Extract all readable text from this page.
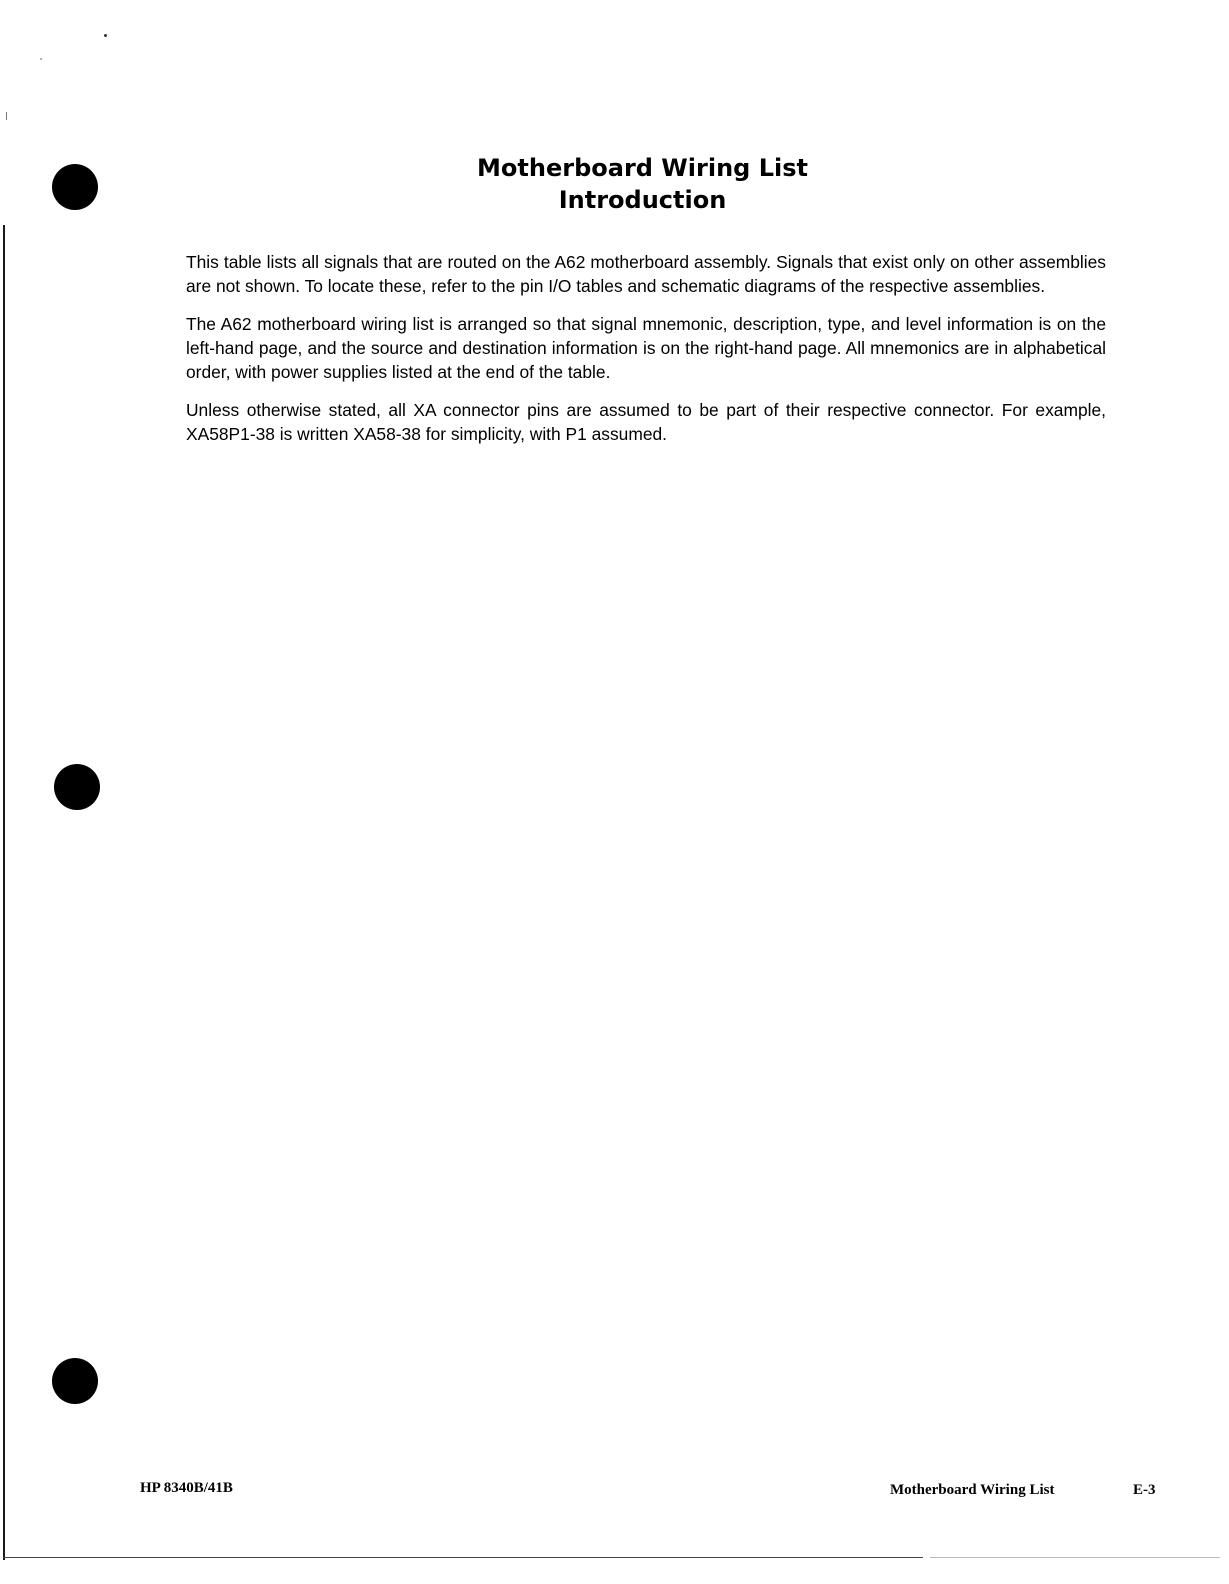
Motherboard Wiring List
Introduction

This table lists all signals that are routed on the A62 motherboard assembly. Signals that exist only on other assemblies are not shown. To locate these, refer to the pin I/O tables and schematic diagrams of the respective assemblies.

The A62 motherboard wiring list is arranged so that signal mnemonic, description, type, and level information is on the left-hand page, and the source and destination information is on the right-hand page. All mnemonics are in alphabetical order, with power supplies listed at the end of the table.

Unless otherwise stated, all XA connector pins are assumed to be part of their respective connector. For example, XA58P1-38 is written XA58-38 for simplicity, with P1 assumed.

HP 8340B/41B	Motherboard Wiring List	E-3
